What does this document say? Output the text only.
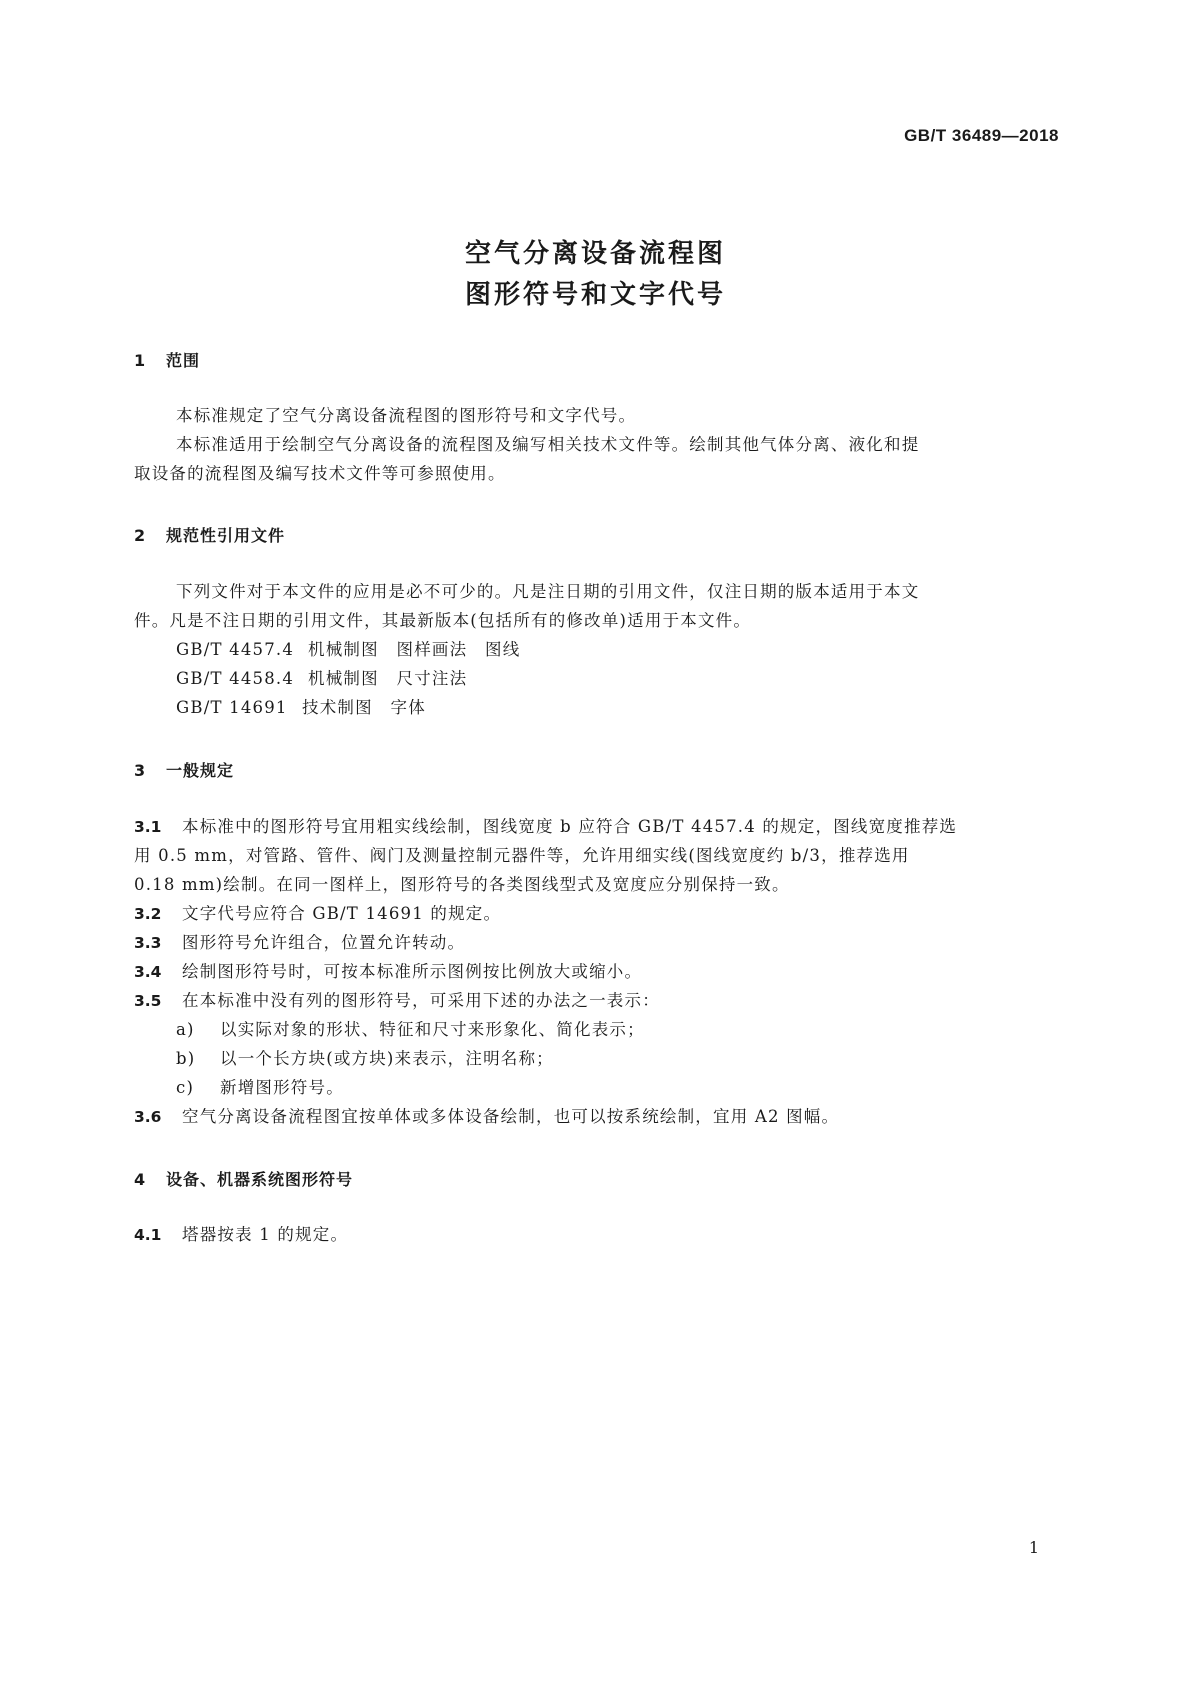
GB/T 36489—2018
空气分离设备流程图
图形符号和文字代号
1 范围
本标准规定了空气分离设备流程图的图形符号和文字代号。
本标准适用于绘制空气分离设备的流程图及编写相关技术文件等。绘制其他气体分离、液化和提
取设备的流程图及编写技术文件等可参照使用。
2 规范性引用文件
下列文件对于本文件的应用是必不可少的。凡是注日期的引用文件，仅注日期的版本适用于本文
件。凡是不注日期的引用文件，其最新版本(包括所有的修改单)适用于本文件。
GB/T 4457.4 机械制图　图样画法　图线
GB/T 4458.4 机械制图　尺寸注法
GB/T 14691 技术制图　字体
3 一般规定
3.1 本标准中的图形符号宜用粗实线绘制，图线宽度 b 应符合 GB/T 4457.4 的规定，图线宽度推荐选
用 0.5 mm，对管路、管件、阀门及测量控制元器件等，允许用细实线(图线宽度约 b/3，推荐选用
0.18 mm)绘制。在同一图样上，图形符号的各类图线型式及宽度应分别保持一致。
3.2 文字代号应符合 GB/T 14691 的规定。
3.3 图形符号允许组合，位置允许转动。
3.4 绘制图形符号时，可按本标准所示图例按比例放大或缩小。
3.5 在本标准中没有列的图形符号，可采用下述的办法之一表示：
a) 以实际对象的形状、特征和尺寸来形象化、简化表示；
b) 以一个长方块(或方块)来表示，注明名称；
c) 新增图形符号。
3.6 空气分离设备流程图宜按单体或多体设备绘制，也可以按系统绘制，宜用 A2 图幅。
4 设备、机器系统图形符号
4.1 塔器按表 1 的规定。
1
